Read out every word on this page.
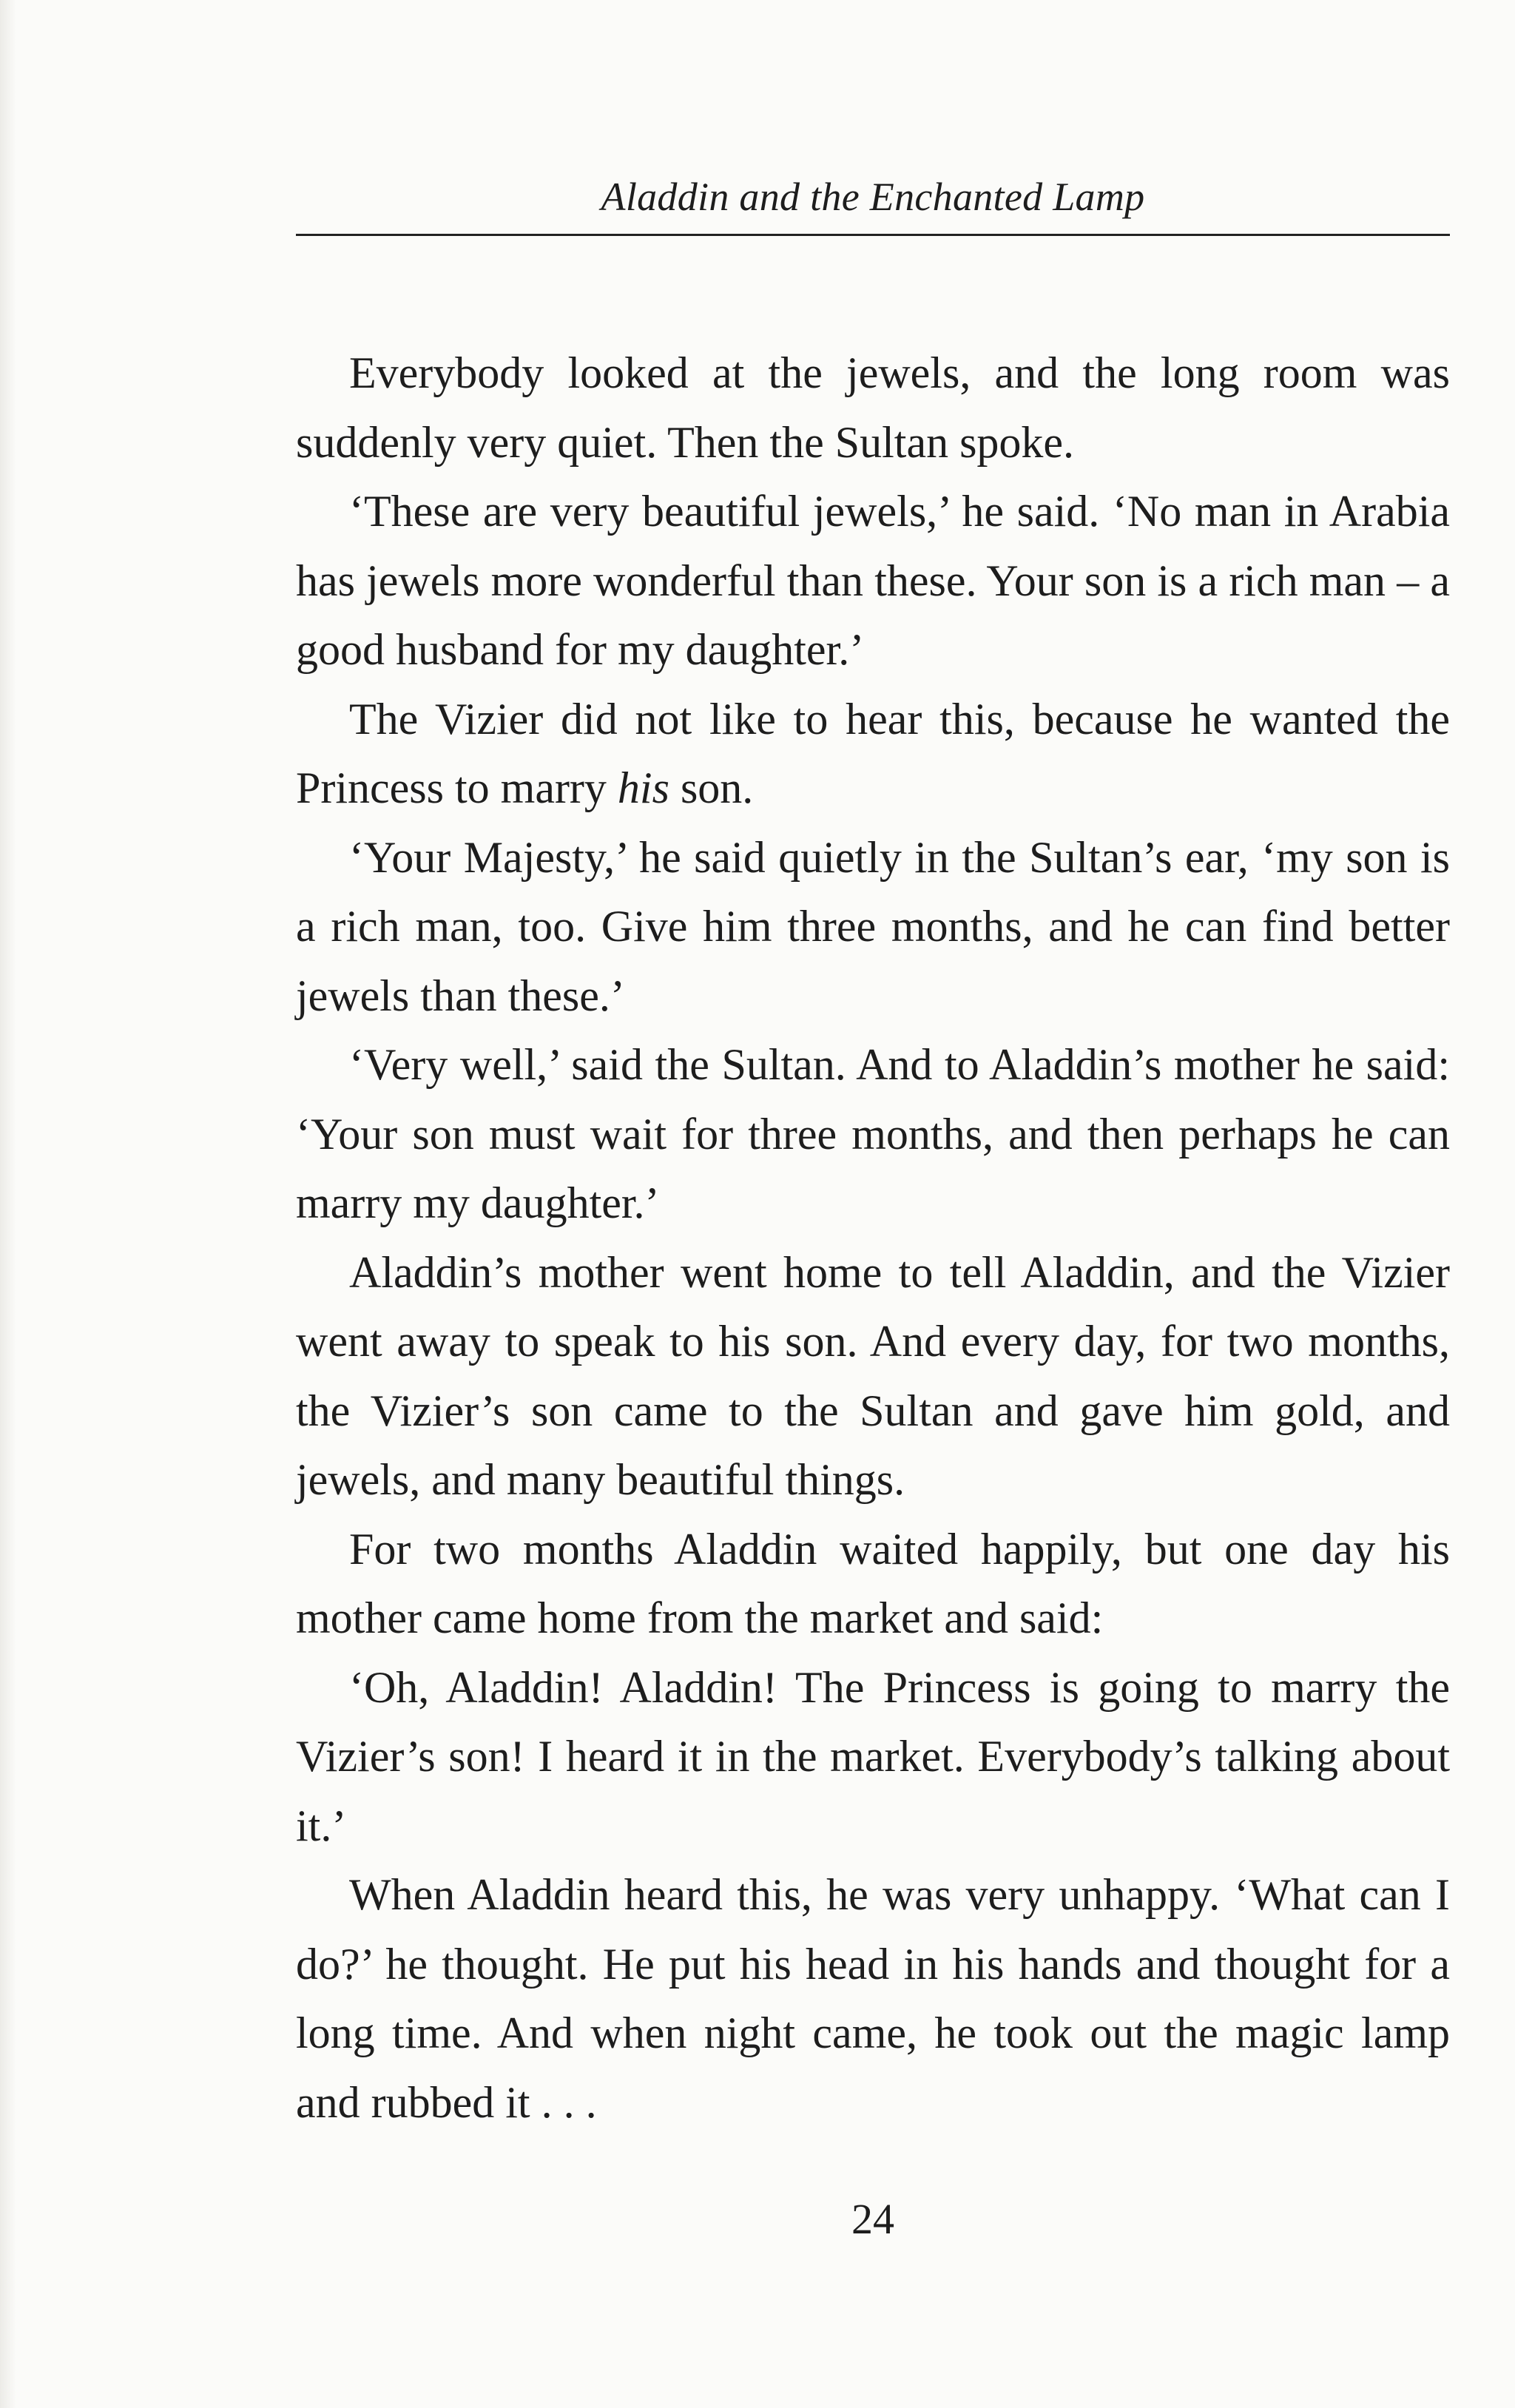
Aladdin and the Enchanted Lamp

Everybody looked at the jewels, and the long room was suddenly very quiet. Then the Sultan spoke.

‘These are very beautiful jewels,’ he said. ‘No man in Arabia has jewels more wonderful than these. Your son is a rich man – a good husband for my daughter.’

The Vizier did not like to hear this, because he wanted the Princess to marry his son.

‘Your Majesty,’ he said quietly in the Sultan’s ear, ‘my son is a rich man, too. Give him three months, and he can find better jewels than these.’

‘Very well,’ said the Sultan. And to Aladdin’s mother he said: ‘Your son must wait for three months, and then perhaps he can marry my daughter.’

Aladdin’s mother went home to tell Aladdin, and the Vizier went away to speak to his son. And every day, for two months, the Vizier’s son came to the Sultan and gave him gold, and jewels, and many beautiful things.

For two months Aladdin waited happily, but one day his mother came home from the market and said:

‘Oh, Aladdin! Aladdin! The Princess is going to marry the Vizier’s son! I heard it in the market. Everybody’s talking about it.’

When Aladdin heard this, he was very unhappy. ‘What can I do?’ he thought. He put his head in his hands and thought for a long time. And when night came, he took out the magic lamp and rubbed it . . .

24
